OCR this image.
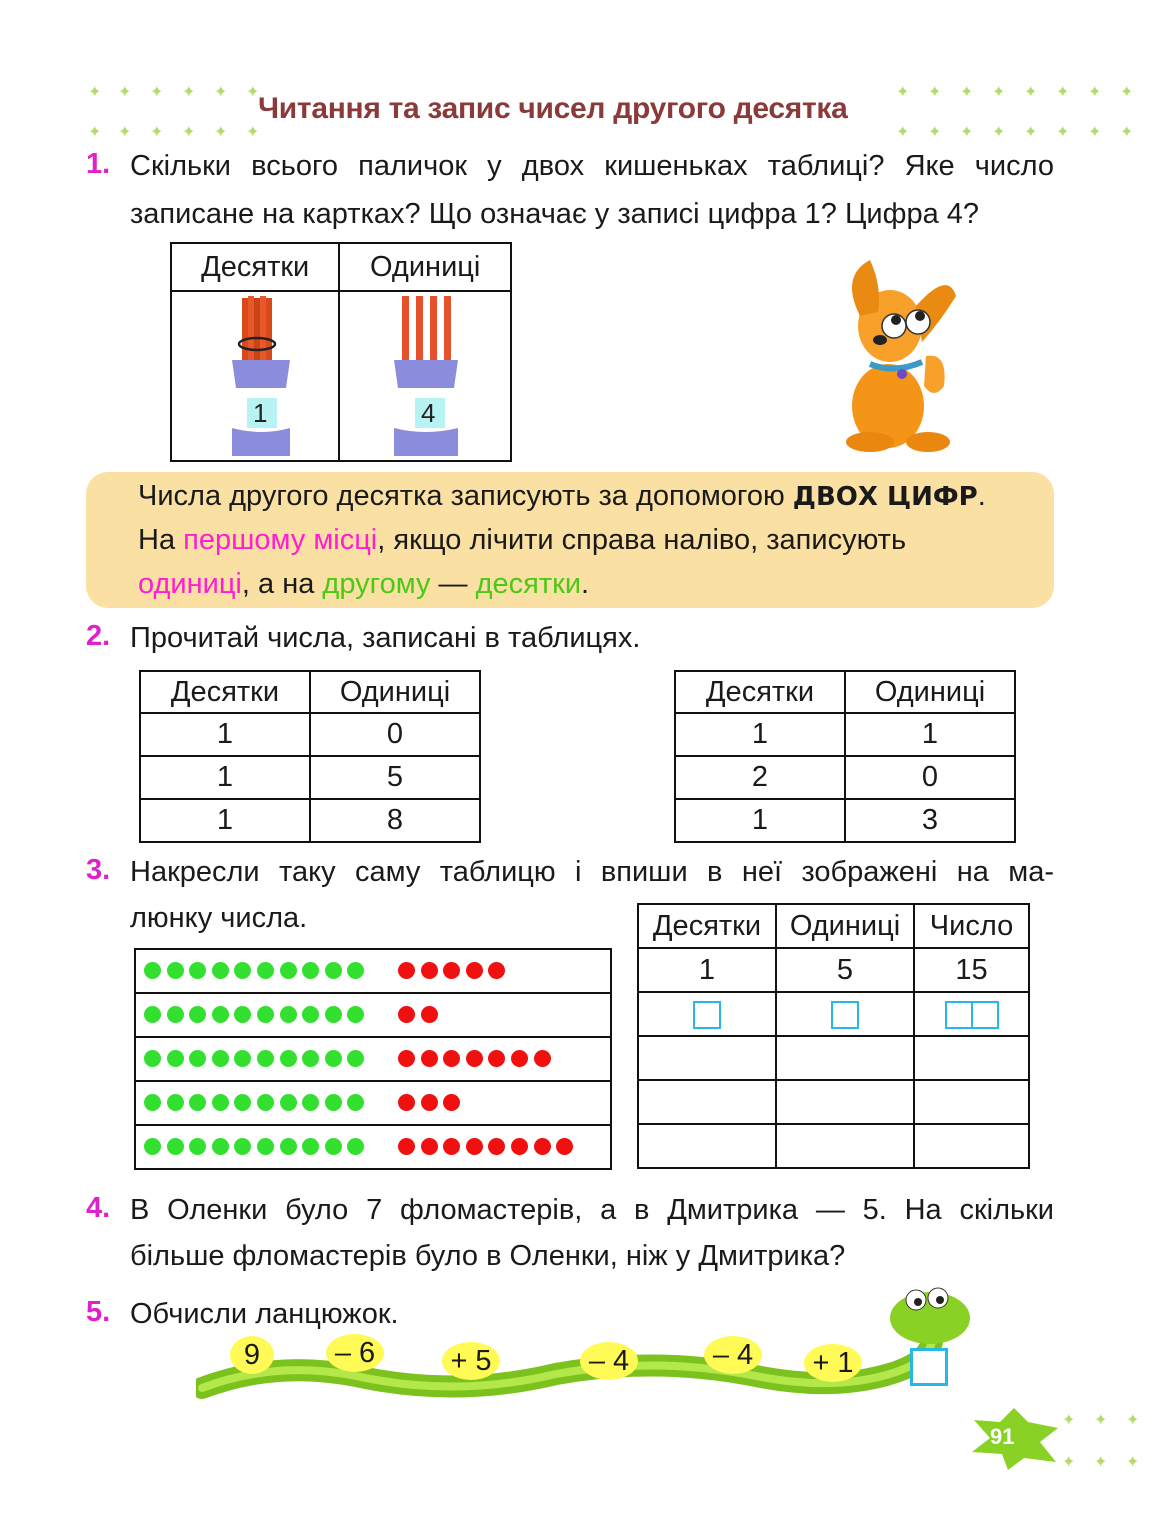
✦ ✦ ✦ ✦ ✦ ✦
✦ ✦ ✦ ✦ ✦ ✦
✦ ✦ ✦ ✦ ✦ ✦ ✦ ✦
✦ ✦ ✦ ✦ ✦ ✦ ✦ ✦
Читання та запис чисел другого десятка
1. Скільки всього паличок у двох кишеньках таблиці? Яке число
записане на картках? Що означає у записі цифра 1? Цифра 4?
Десятки	Одиниці

1	4
Числа другого десятка записують за допомогою ДВОХ ЦИФР.
На першому місці, якщо лічити справа наліво, записують
одиниці, а на другому — десятки.
2. Прочитай числа, записані в таблицях.
Десятки	Одиниці
1	0
1	5
1	8
Десятки	Одиниці
1	1
2	0
1	3
3. Накресли таку саму таблицю і впиши в неї зображені на ма-
люнку числа.	Десятки	Одиниці	Число
1	5	15

4. В Оленки було 7 фломастерів, а в Дмитрика — 5. На скільки
більше фломастерів було в Оленки, ніж у Дмитрика?
5. Обчисли ланцюжок.
9	– 6	+ 5	– 4	– 4	+ 1
91
✦ ✦ ✦
✦ ✦ ✦
